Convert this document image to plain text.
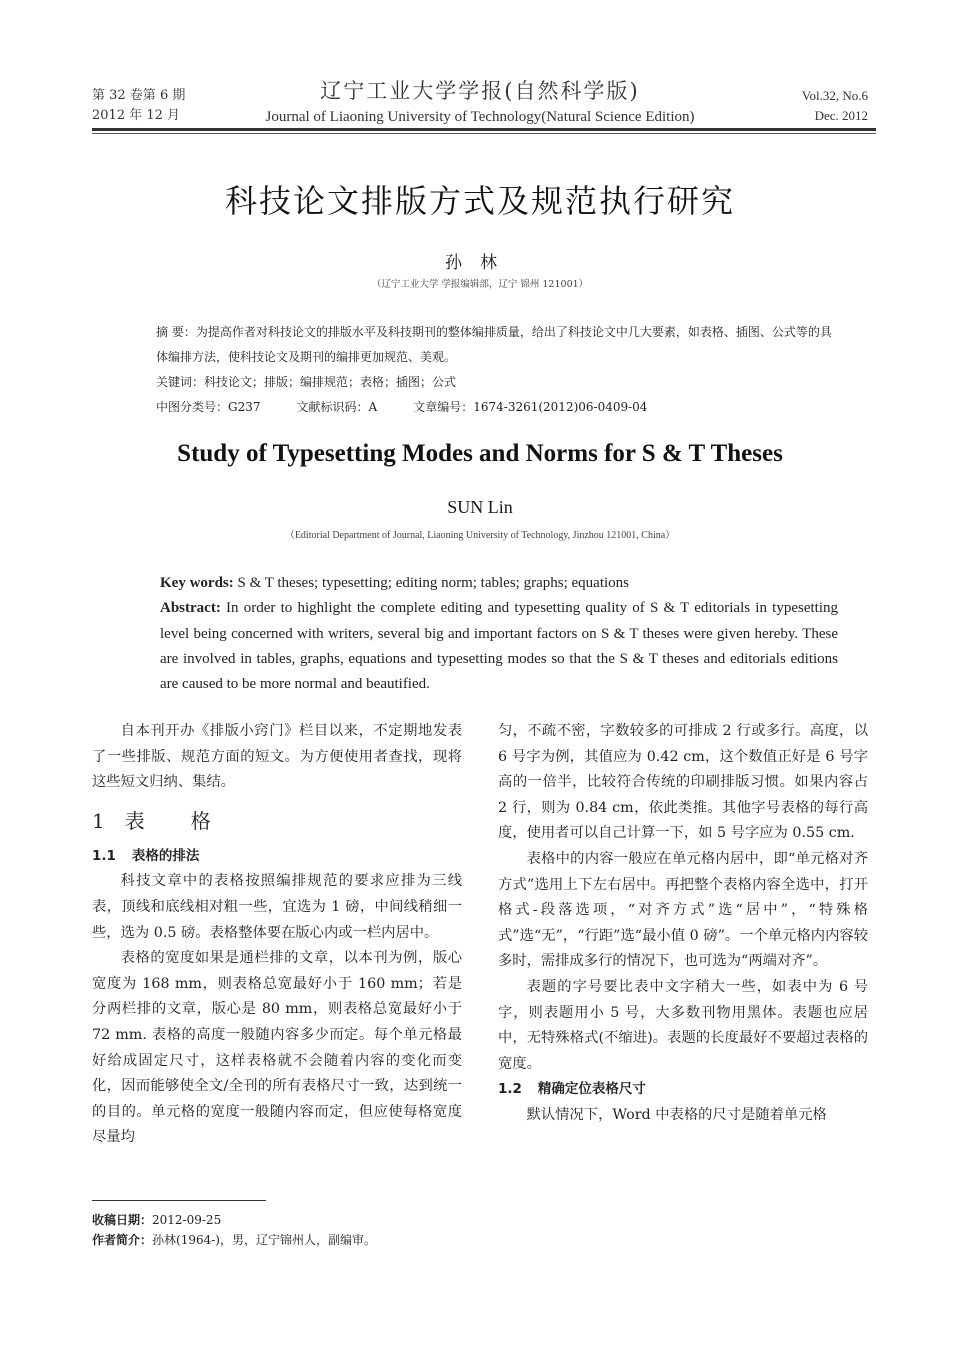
第 32 卷第 6 期
2012 年 12 月
辽宁工业大学学报(自然科学版)
Journal of Liaoning University of Technology(Natural Science Edition)
Vol.32, No.6
Dec. 2012
科技论文排版方式及规范执行研究
孙林
（辽宁工业大学 学报编辑部，辽宁 锦州 121001）
摘 要：为提高作者对科技论文的排版水平及科技期刊的整体编排质量，给出了科技论文中几大要素，如表格、插图、公式等的具体编排方法，使科技论文及期刊的编排更加规范、美观。
关键词：科技论文；排版；编排规范；表格；插图；公式
中图分类号：G237	文献标识码：A	文章编号：1674-3261(2012)06-0409-04
Study of Typesetting Modes and Norms for S & T Theses
SUN Lin
（Editorial Department of Journal, Liaoning University of Technology, Jinzhou 121001, China）
Key words: S & T theses; typesetting; editing norm; tables; graphs; equations
Abstract: In order to highlight the complete editing and typesetting quality of S & T editorials in typesetting level being concerned with writers, several big and important factors on S & T theses were given hereby. These are involved in tables, graphs, equations and typesetting modes so that the S & T theses and editorials editions are caused to be more normal and beautified.

自本刊开办《排版小窍门》栏目以来，不定期地发表了一些排版、规范方面的短文。为方便使用者查找，现将这些短文归纳、集结。

1 表 格
1.1 表格的排法

科技文章中的表格按照编排规范的要求应排为三线表，顶线和底线相对粗一些，宜选为 1 磅，中间线稍细一些，选为 0.5 磅。表格整体要在版心内或一栏内居中。

表格的宽度如果是通栏排的文章，以本刊为例，版心宽度为 168 mm，则表格总宽最好小于 160 mm；若是分两栏排的文章，版心是 80 mm，则表格总宽最好小于 72 mm. 表格的高度一般随内容多少而定。每个单元格最好给成固定尺寸，这样表格就不会随着内容的变化而变化，因而能够使全文/全刊的所有表格尺寸一致，达到统一的目的。单元格的宽度一般随内容而定，但应使每格宽度尽量均

匀，不疏不密，字数较多的可排成 2 行或多行。高度，以 6 号字为例，其值应为 0.42 cm，这个数值正好是 6 号字高的一倍半，比较符合传统的印刷排版习惯。如果内容占 2 行，则为 0.84 cm，依此类推。其他字号表格的每行高度，使用者可以自己计算一下，如 5 号字应为 0.55 cm.

表格中的内容一般应在单元格内居中，即“单元格对齐方式”选用上下左右居中。再把整个表格内容全选中，打开格式-段落选项，“对齐方式”选“居中”，“特殊格式”选“无”，“行距”选“最小值 0 磅”。一个单元格内内容较多时，需排成多行的情况下，也可选为“两端对齐”。

表题的字号要比表中文字稍大一些，如表中为 6 号字，则表题用小 5 号，大多数刊物用黑体。表题也应居中，无特殊格式(不缩进)。表题的长度最好不要超过表格的宽度。

1.2 精确定位表格尺寸

默认情况下，Word 中表格的尺寸是随着单元格

收稿日期：2012-09-25
作者简介：孙林(1964-)，男，辽宁锦州人，副编审。
